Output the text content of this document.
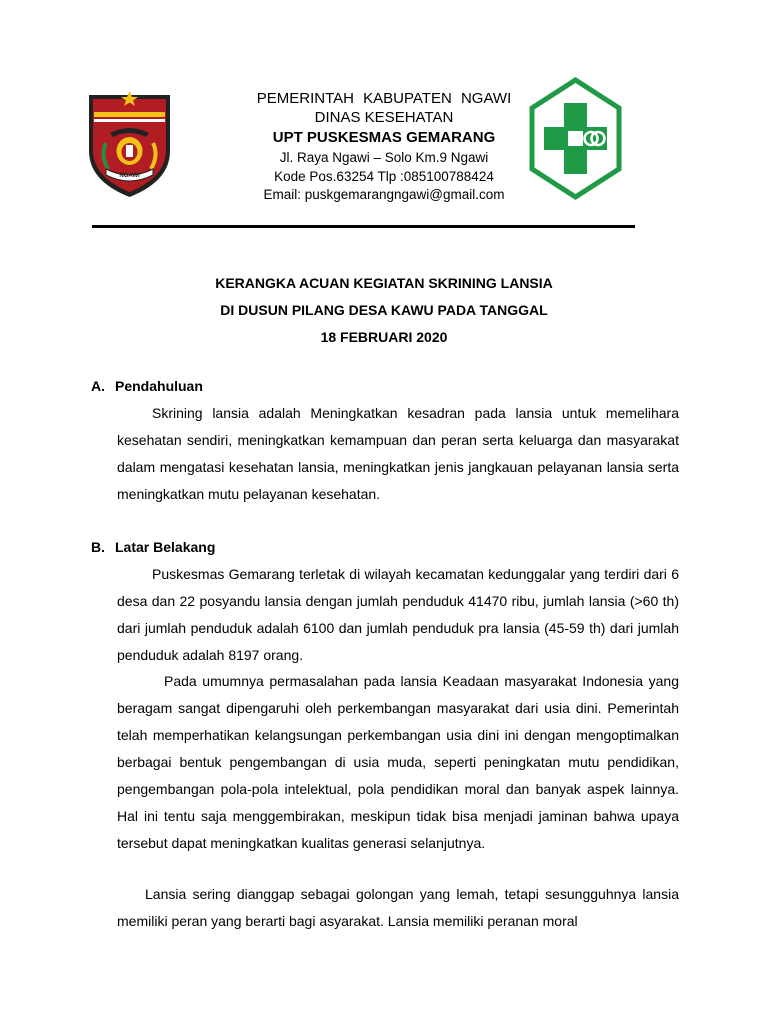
NGAWI
PEMERINTAH KABUPATEN NGAWI
DINAS KESEHATAN
UPT PUSKESMAS GEMARANG
Jl. Raya Ngawi – Solo Km.9 Ngawi
Kode Pos.63254 Tlp :085100788424
Email: puskgemarangngawi@gmail.com
KERANGKA ACUAN KEGIATAN SKRINING LANSIA
DI DUSUN PILANG DESA KAWU PADA TANGGAL
18 FEBRUARI 2020
A. Pendahuluan
Skrining lansia adalah Meningkatkan kesadran pada lansia untuk memelihara kesehatan sendiri, meningkatkan kemampuan dan peran serta keluarga dan masyarakat dalam mengatasi kesehatan lansia, meningkatkan jenis jangkauan pelayanan lansia serta meningkatkan mutu pelayanan kesehatan.
B. Latar Belakang
Puskesmas Gemarang terletak di wilayah kecamatan kedunggalar yang terdiri dari 6 desa dan 22 posyandu lansia dengan jumlah penduduk 41470 ribu, jumlah lansia (>60 th) dari jumlah penduduk adalah 6100 dan jumlah penduduk pra lansia (45-59 th) dari jumlah penduduk adalah 8197 orang.
Pada umumnya permasalahan pada lansia Keadaan masyarakat Indonesia yang beragam sangat dipengaruhi oleh perkembangan masyarakat dari usia dini. Pemerintah telah memperhatikan kelangsungan perkembangan usia dini ini dengan mengoptimalkan berbagai bentuk pengembangan di usia muda, seperti peningkatan mutu pendidikan, pengembangan pola-pola intelektual, pola pendidikan moral dan banyak aspek lainnya. Hal ini tentu saja menggembirakan, meskipun tidak bisa menjadi jaminan bahwa upaya tersebut dapat meningkatkan kualitas generasi selanjutnya.
Lansia sering dianggap sebagai golongan yang lemah, tetapi sesungguhnya lansia memiliki peran yang berarti bagi asyarakat. Lansia memiliki peranan moral
